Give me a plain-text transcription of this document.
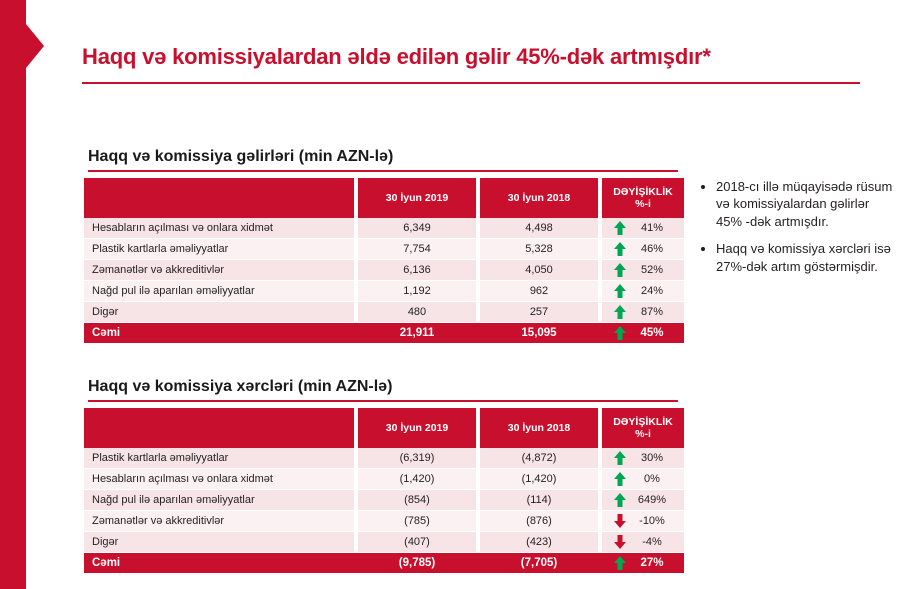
Haqq və komissiyalardan əldə edilən gəlir 45%-dək artmışdır*
Haqq və komissiya gəlirləri (min AZN-lə)
		30 İyun 2019		30 İyun 2018		DƏYİŞİKLİK %-i
Hesabların açılması və onlara xidmət		6,349		4,498		41%
Plastik kartlarla əməliyyatlar		7,754		5,328		46%
Zəmanətlər və akkreditivlər		6,136		4,050		52%
Nağd pul ilə aparılan əməliyyatlar		1,192		962		24%
Digər		480		257		87%
Cəmi		21,911		15,095		45%
Haqq və komissiya xərcləri (min AZN-lə)
		30 İyun 2019		30 İyun 2018		DƏYİŞİKLİK %-i
Plastik kartlarla əməliyyatlar		(6,319)		(4,872)		30%
Hesabların açılması və onlara xidmət		(1,420)		(1,420)		0%
Nağd pul ilə aparılan əməliyyatlar		(854)		(114)		649%
Zəmanətlər və akkreditivlər		(785)		(876)		-10%
Digər		(407)		(423)		-4%
Cəmi		(9,785)		(7,705)		27%
• 2018-cı illə müqayisədə rüsum və komissiyalardan gəlirlər 45% -dək artmışdır.
• Haqq və komissiya xərcləri isə 27%-dək artım göstərmişdir.
